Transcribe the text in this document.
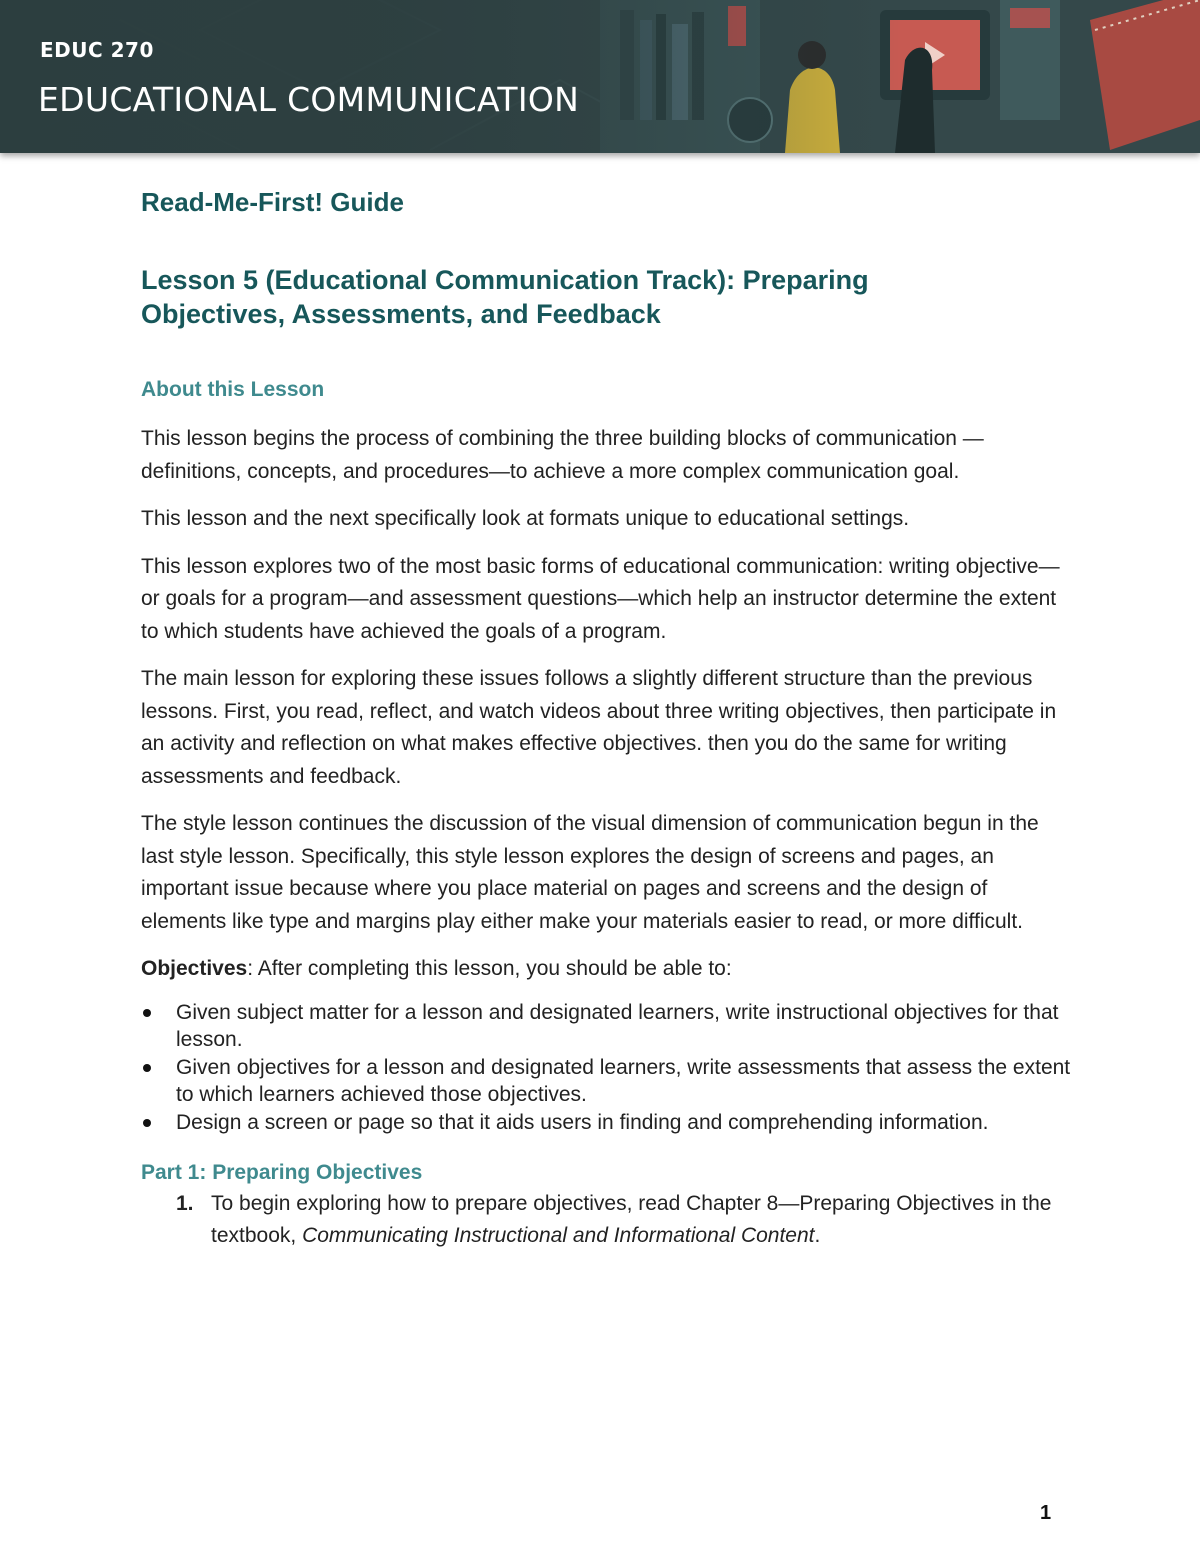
EDUC 270
EDUCATIONAL COMMUNICATION
Read-Me-First! Guide
Lesson 5 (Educational Communication Track): Preparing
Objectives, Assessments, and Feedback
About this Lesson

This lesson begins the process of combining the three building blocks of communication —definitions, concepts, and procedures—to achieve a more complex communication goal.

This lesson and the next specifically look at formats unique to educational settings.

This lesson explores two of the most basic forms of educational communication: writing objective—or goals for a program—and assessment questions—which help an instructor determine the extent to which students have achieved the goals of a program.

The main lesson for exploring these issues follows a slightly different structure than the previous lessons. First, you read, reflect, and watch videos about three writing objectives, then participate in an activity and reflection on what makes effective objectives. then you do the same for writing assessments and feedback.

The style lesson continues the discussion of the visual dimension of communication begun in the last style lesson. Specifically, this style lesson explores the design of screens and pages, an important issue because where you place material on pages and screens and the design of elements like type and margins play either make your materials easier to read, or more difficult.

Objectives: After completing this lesson, you should be able to:
Given subject matter for a lesson and designated learners, write instructional objectives for that lesson.
Given objectives for a lesson and designated learners, write assessments that assess the extent to which learners achieved those objectives.
Design a screen or page so that it aids users in finding and comprehending information.
Part 1: Preparing Objectives
1. To begin exploring how to prepare objectives, read Chapter 8—Preparing Objectives in the textbook, Communicating Instructional and Informational Content.
1
